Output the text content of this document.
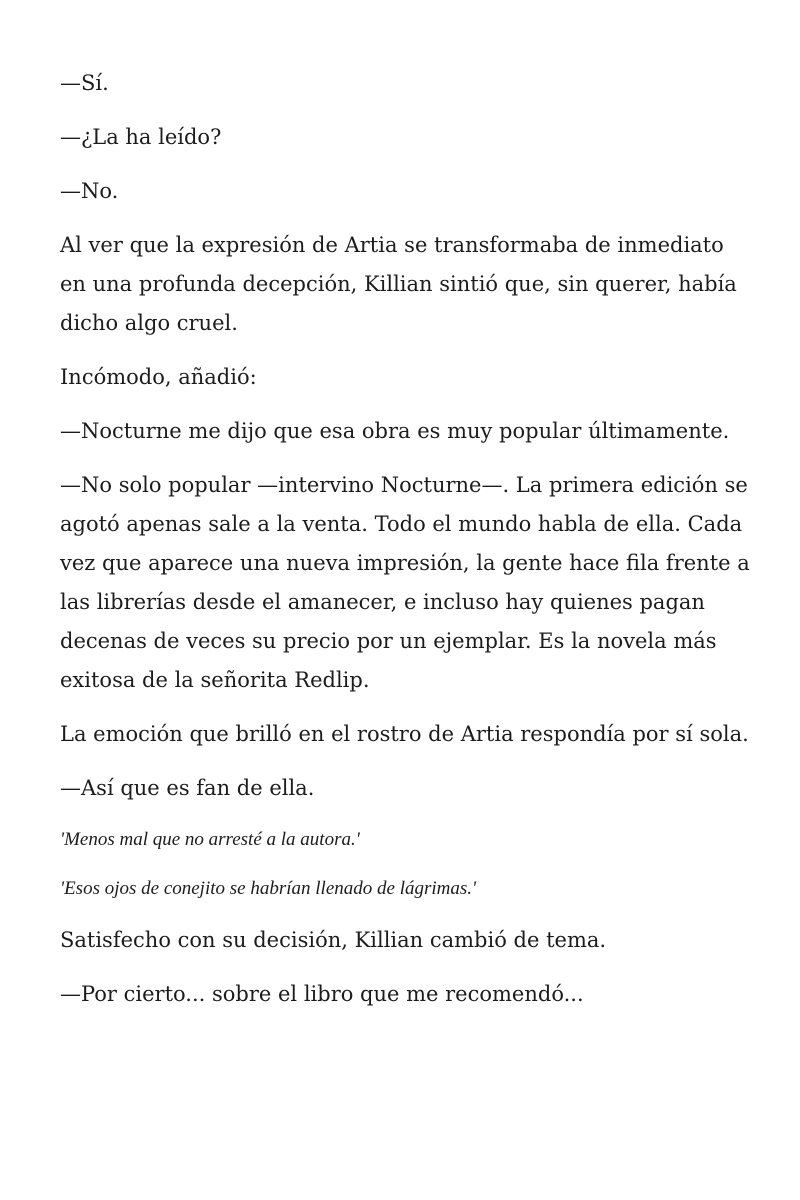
—Sí.

—¿La ha leído?

—No.

Al ver que la expresión de Artia se transformaba de inmediato en una profunda decepción, Killian sintió que, sin querer, había dicho algo cruel.

Incómodo, añadió:

—Nocturne me dijo que esa obra es muy popular últimamente.

—No solo popular —intervino Nocturne—. La primera edición se agotó apenas sale a la venta. Todo el mundo habla de ella. Cada vez que aparece una nueva impresión, la gente hace fila frente a las librerías desde el amanecer, e incluso hay quienes pagan decenas de veces su precio por un ejemplar. Es la novela más exitosa de la señorita Redlip.

La emoción que brilló en el rostro de Artia respondía por sí sola.

—Así que es fan de ella.

'Menos mal que no arresté a la autora.'

'Esos ojos de conejito se habrían llenado de lágrimas.'

Satisfecho con su decisión, Killian cambió de tema.

—Por cierto... sobre el libro que me recomendó...
